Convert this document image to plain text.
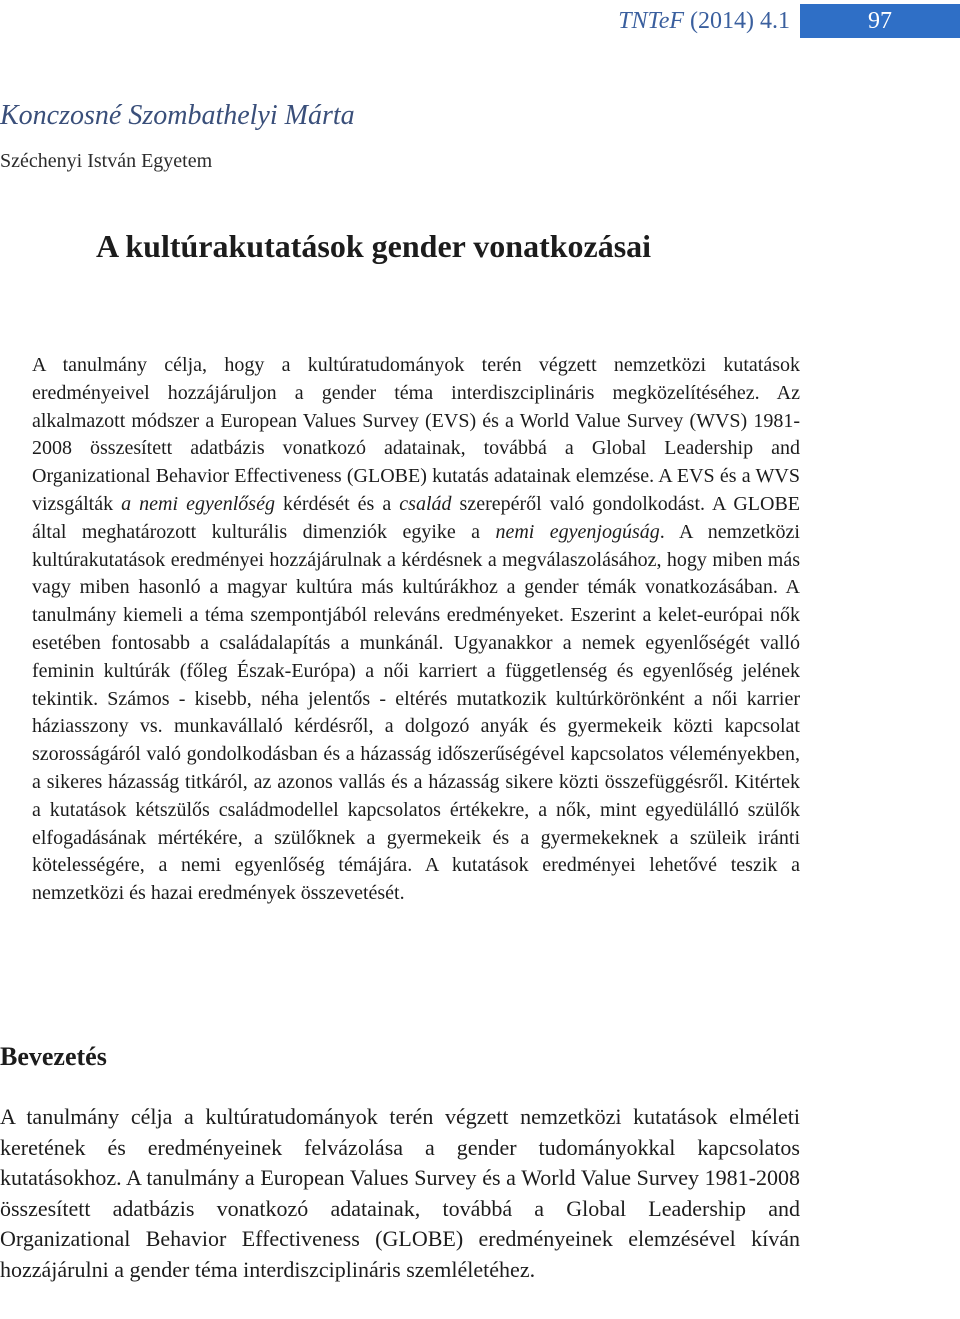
TNTeF (2014) 4.1	97
Konczosné Szombathelyi Márta
Széchenyi István Egyetem
A kultúrakutatások gender vonatkozásai

A tanulmány célja, hogy a kultúratudományok terén végzett nemzetközi kutatások eredményeivel hozzájáruljon a gender téma interdiszciplináris megközelítéséhez. Az alkalmazott módszer a European Values Survey (EVS) és a World Value Survey (WVS) 1981-2008 összesített adatbázis vonatkozó adatainak, továbbá a Global Leadership and Organizational Behavior Effectiveness (GLOBE) kutatás adatainak elemzése. A EVS és a WVS vizsgálták a nemi egyenlőség kérdését és a család szerepéről való gondolkodást. A GLOBE által meghatározott kulturális dimenziók egyike a nemi egyenjogúság. A nemzetközi kultúrakutatások eredményei hozzájárulnak a kérdésnek a megválaszolásához, hogy miben más vagy miben hasonló a magyar kultúra más kultúrákhoz a gender témák vonatkozásában. A tanulmány kiemeli a téma szempontjából releváns eredményeket. Eszerint a kelet-európai nők esetében fontosabb a családalapítás a munkánál. Ugyanakkor a nemek egyenlőségét valló feminin kultúrák (főleg Észak-Európa) a női karriert a függetlenség és egyenlőség jelének tekintik. Számos - kisebb, néha jelentős - eltérés mutatkozik kultúrkörönként a női karrier háziasszony vs. munkavállaló kérdésről, a dolgozó anyák és gyermekeik közti kapcsolat szorosságáról való gondolkodásban és a házasság időszerűségével kapcsolatos véleményekben, a sikeres házasság titkáról, az azonos vallás és a házasság sikere közti összefüggésről. Kitértek a kutatások kétszülős családmodellel kapcsolatos értékekre, a nők, mint egyedülálló szülők elfogadásának mértékére, a szülőknek a gyermekeik és a gyermekeknek a szüleik iránti kötelességére, a nemi egyenlőség témájára. A kutatások eredményei lehetővé teszik a nemzetközi és hazai eredmények összevetését.

Bevezetés

A tanulmány célja a kultúratudományok terén végzett nemzetközi kutatások elméleti keretének és eredményeinek felvázolása a gender tudományokkal kapcsolatos kutatásokhoz. A tanulmány a European Values Survey és a World Value Survey 1981-2008 összesített adatbázis vonatkozó adatainak, továbbá a Global Leadership and Organizational Behavior Effectiveness (GLOBE) eredményeinek elemzésével kíván hozzájárulni a gender téma interdiszciplináris szemléletéhez.
